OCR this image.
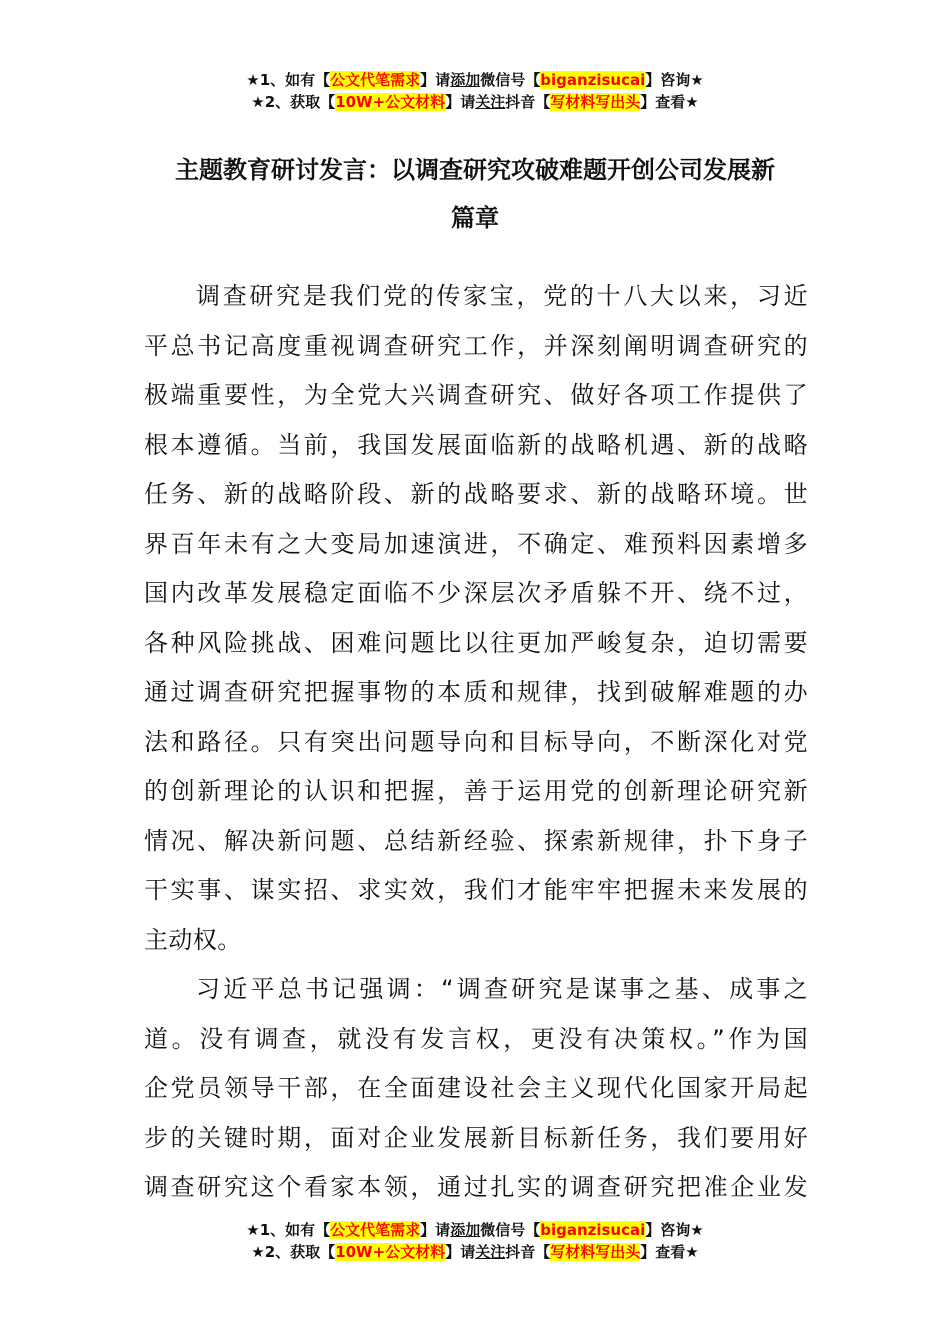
★1、如有【公文代笔需求】请添加微信号【biganzisucai】咨询★
★2、获取【10W+公文材料】请关注抖音【写材料写出头】查看★
主题教育研讨发言：以调查研究攻破难题开创公司发展新
篇章

调查研究是我们党的传家宝，党的十八大以来，习近
平总书记高度重视调查研究工作，并深刻阐明调查研究的
极端重要性，为全党大兴调查研究、做好各项工作提供了
根本遵循。当前，我国发展面临新的战略机遇、新的战略
任务、新的战略阶段、新的战略要求、新的战略环境。世
界百年未有之大变局加速演进，不确定、难预料因素增多
国内改革发展稳定面临不少深层次矛盾躲不开、绕不过，
各种风险挑战、困难问题比以往更加严峻复杂，迫切需要
通过调查研究把握事物的本质和规律，找到破解难题的办
法和路径。只有突出问题导向和目标导向，不断深化对党
的创新理论的认识和把握，善于运用党的创新理论研究新
情况、解决新问题、总结新经验、探索新规律，扑下身子
干实事、谋实招、求实效，我们才能牢牢把握未来发展的
主动权。

习近平总书记强调：“调查研究是谋事之基、成事之
道。没有调查，就没有发言权，更没有决策权。”作为国
企党员领导干部，在全面建设社会主义现代化国家开局起
步的关键时期，面对企业发展新目标新任务，我们要用好
调查研究这个看家本领，通过扎实的调查研究把准企业发

★1、如有【公文代笔需求】请添加微信号【biganzisucai】咨询★
★2、获取【10W+公文材料】请关注抖音【写材料写出头】查看★
